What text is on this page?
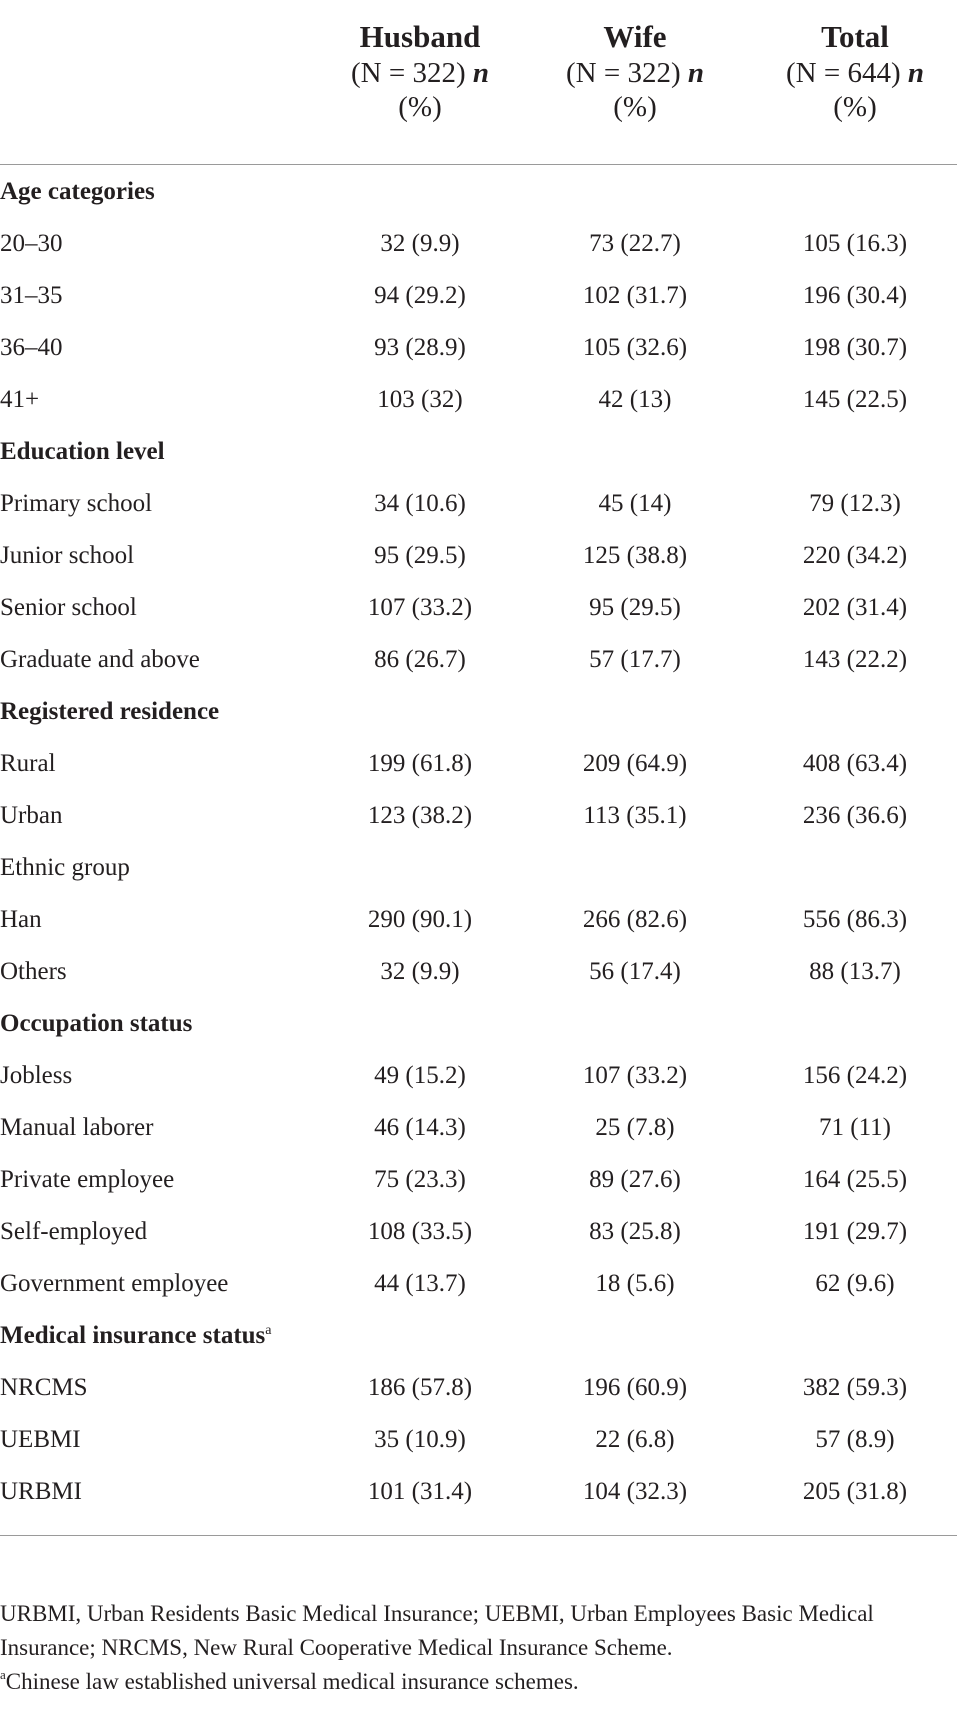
Husband
(N = 322) n
(%)
Wife
(N = 322) n
(%)
Total
(N = 644) n
(%)
Age categories
20–30	32 (9.9)	73 (22.7)	105 (16.3)
31–35	94 (29.2)	102 (31.7)	196 (30.4)
36–40	93 (28.9)	105 (32.6)	198 (30.7)
41+	103 (32)	42 (13)	145 (22.5)
Education level
Primary school	34 (10.6)	45 (14)	79 (12.3)
Junior school	95 (29.5)	125 (38.8)	220 (34.2)
Senior school	107 (33.2)	95 (29.5)	202 (31.4)
Graduate and above	86 (26.7)	57 (17.7)	143 (22.2)
Registered residence
Rural	199 (61.8)	209 (64.9)	408 (63.4)
Urban	123 (38.2)	113 (35.1)	236 (36.6)
Ethnic group
Han	290 (90.1)	266 (82.6)	556 (86.3)
Others	32 (9.9)	56 (17.4)	88 (13.7)
Occupation status
Jobless	49 (15.2)	107 (33.2)	156 (24.2)
Manual laborer	46 (14.3)	25 (7.8)	71 (11)
Private employee	75 (23.3)	89 (27.6)	164 (25.5)
Self-employed	108 (33.5)	83 (25.8)	191 (29.7)
Government employee	44 (13.7)	18 (5.6)	62 (9.6)
Medical insurance status$^a$
NRCMS	186 (57.8)	196 (60.9)	382 (59.3)
UEBMI	35 (10.9)	22 (6.8)	57 (8.9)
URBMI	101 (31.4)	104 (32.3)	205 (31.8)

URBMI, Urban Residents Basic Medical Insurance; UEBMI, Urban Employees Basic Medical Insurance; NRCMS, New Rural Cooperative Medical Insurance Scheme.

$^a$Chinese law established universal medical insurance schemes.
